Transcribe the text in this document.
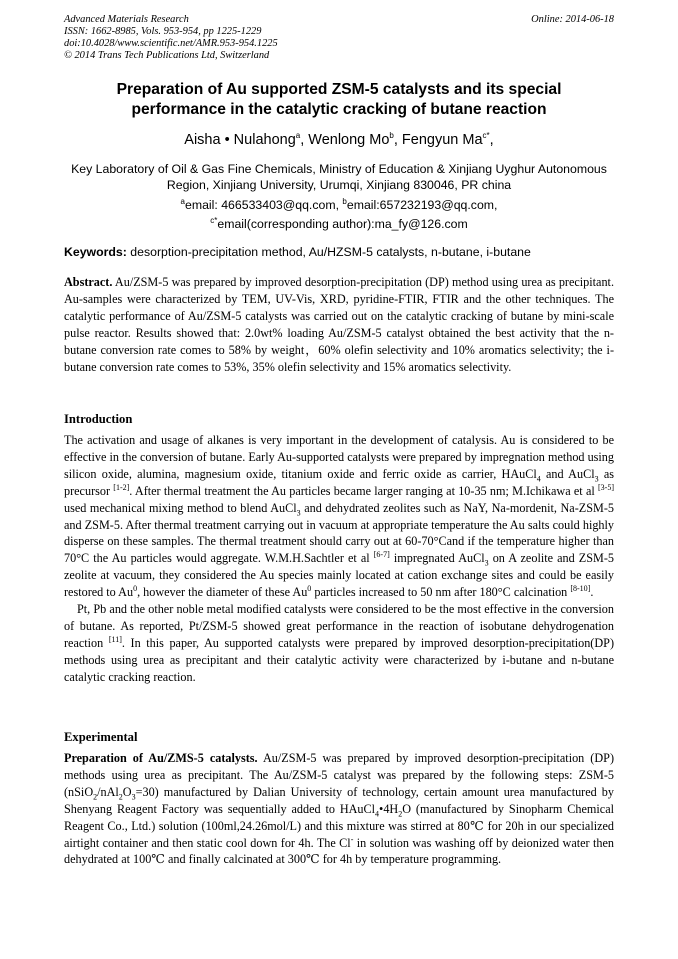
Advanced Materials Research
ISSN: 1662-8985, Vols. 953-954, pp 1225-1229
doi:10.4028/www.scientific.net/AMR.953-954.1225
© 2014 Trans Tech Publications Ltd, Switzerland
Online: 2014-06-18
Preparation of Au supported ZSM-5 catalysts and its special
performance in the catalytic cracking of butane reaction
Aisha • Nulahong$^a$, Wenlong Mo$^b$, Fengyun $Ma^{c*}$,
Key Laboratory of Oil & Gas Fine Chemicals, Ministry of Education & Xinjiang Uyghur Autonomous
Region, Xinjiang University, Urumqi, Xinjiang 830046, PR china
$^a$email: 466533403@qq.com, $^b$email:657232193@qq.com,
$^{c*}$email(corresponding author):ma_fy@126.com
Keywords: desorption-precipitation method, Au/HZSM-5 catalysts, n-butane, i-butane
Abstract. Au/ZSM-5 was prepared by improved desorption-precipitation (DP) method using urea as precipitant. Au-samples were characterized by TEM, UV-Vis, XRD, pyridine-FTIR, FTIR and the other techniques. The catalytic performance of Au/ZSM-5 catalysts was carried out on the catalytic cracking of butane by mini-scale pulse reactor. Results showed that: 2.0wt% loading Au/ZSM-5 catalyst obtained the best activity that the n-butane conversion rate comes to 58% by weight，60% olefin selectivity and 10% aromatics selectivity; the i-butane conversion rate comes to 53%, 35% olefin selectivity and 15% aromatics selectivity.
Introduction
The activation and usage of alkanes is very important in the development of catalysis. Au is considered to be effective in the conversion of butane. Early Au-supported catalysts were prepared by impregnation method using silicon oxide, alumina, magnesium oxide, titanium oxide and ferric oxide as carrier, HAuCl$_4$ and AuCl$_3$ as precursor [1-2]. After thermal treatment the Au particles became larger ranging at 10-35 nm; M.Ichikawa et al [3-5] used mechanical mixing method to blend AuCl$_3$ and dehydrated zeolites such as NaY, Na-mordenit, Na-ZSM-5 and ZSM-5. After thermal treatment carrying out in vacuum at appropriate temperature the Au salts could highly disperse on these samples. The thermal treatment should carry out at 60-70°Cand if the temperature higher than 70°C the Au particles would aggregate. W.M.H.Sachtler et al [6-7] impregnated AuCl$_3$ on A zeolite and ZSM-5 zeolite at vacuum, they considered the Au species mainly located at cation exchange sites and could be easily restored to Au$^0$, however the diameter of these Au$^0$ particles increased to 50 nm after 180°C calcination [8-10].
Pt, Pb and the other noble metal modified catalysts were considered to be the most effective in the conversion of butane. As reported, Pt/ZSM-5 showed great performance in the reaction of isobutane dehydrogenation reaction [11]. In this paper, Au supported catalysts were prepared by improved desorption-precipitation(DP) methods using urea as precipitant and their catalytic activity were characterized by i-butane and n-butane catalytic cracking reaction.
Experimental
Preparation of Au/ZMS-5 catalysts. Au/ZSM-5 was prepared by improved desorption-precipitation (DP) methods using urea as precipitant. The Au/ZSM-5 catalyst was prepared by the following steps: ZSM-5 $(nSiO_2/nAl_2O_3=30)$ manufactured by Dalian University of technology, certain amount urea manufactured by Shenyang Reagent Factory was sequentially added to $HAuCl_4•4H_2O$ (manufactured by Sinopharm Chemical Reagent Co., Ltd.) solution (100ml,24.26mol/L) and this mixture was stirred at 80℃ for 20h in our specialized airtight container and then static cool down for 4h. The Cl- in solution was washing off by deionized water then dehydrated at 100℃ and finally calcinated at 300℃ for 4h by temperature programming.
